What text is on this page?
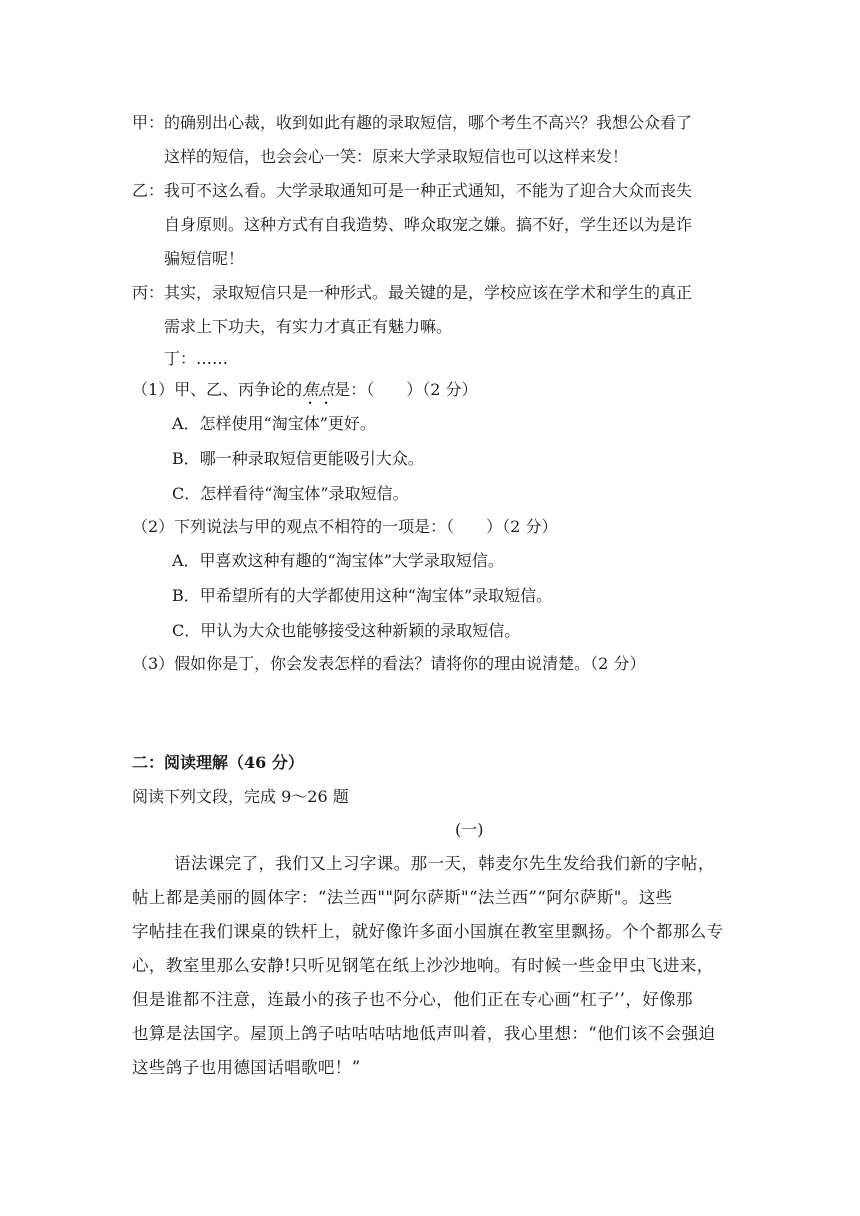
甲：的确别出心裁，收到如此有趣的录取短信，哪个考生不高兴？我想公众看了
这样的短信，也会会心一笑：原来大学录取短信也可以这样来发！
乙：我可不这么看。大学录取通知可是一种正式通知，不能为了迎合大众而丧失
自身原则。这种方式有自我造势、哗众取宠之嫌。搞不好，学生还以为是诈
骗短信呢！
丙：其实，录取短信只是一种形式。最关键的是，学校应该在学术和学生的真正
需求上下功夫，有实力才真正有魅力嘛。
丁：……
（1）甲、乙、丙争论的焦点是：（　　）（2 分）
A．怎样使用“淘宝体”更好。
B．哪一种录取短信更能吸引大众。
C．怎样看待“淘宝体”录取短信。
（2）下列说法与甲的观点不相符的一项是：（　　）（2 分）
A．甲喜欢这种有趣的“淘宝体”大学录取短信。
B．甲希望所有的大学都使用这种“淘宝体”录取短信。
C．甲认为大众也能够接受这种新颖的录取短信。
（3）假如你是丁，你会发表怎样的看法？请将你的理由说清楚。（2 分）
二：阅读理解（46 分）
阅读下列文段，完成 9～26 题
(一)
语法课完了，我们又上习字课。那一天，韩麦尔先生发给我们新的字帖，
帖上都是美丽的圆体字：“法兰西""阿尔萨斯"“法兰西”“阿尔萨斯"。这些
字帖挂在我们课桌的铁杆上，就好像许多面小国旗在教室里飘扬。个个都那么专
心，教室里那么安静!只听见钢笔在纸上沙沙地响。有时候一些金甲虫飞进来，
但是谁都不注意，连最小的孩子也不分心，他们正在专心画“杠子’’，好像那
也算是法国字。屋顶上鸽子咕咕咕咕地低声叫着，我心里想：“他们该不会强迫
这些鸽子也用德国话唱歌吧！”
